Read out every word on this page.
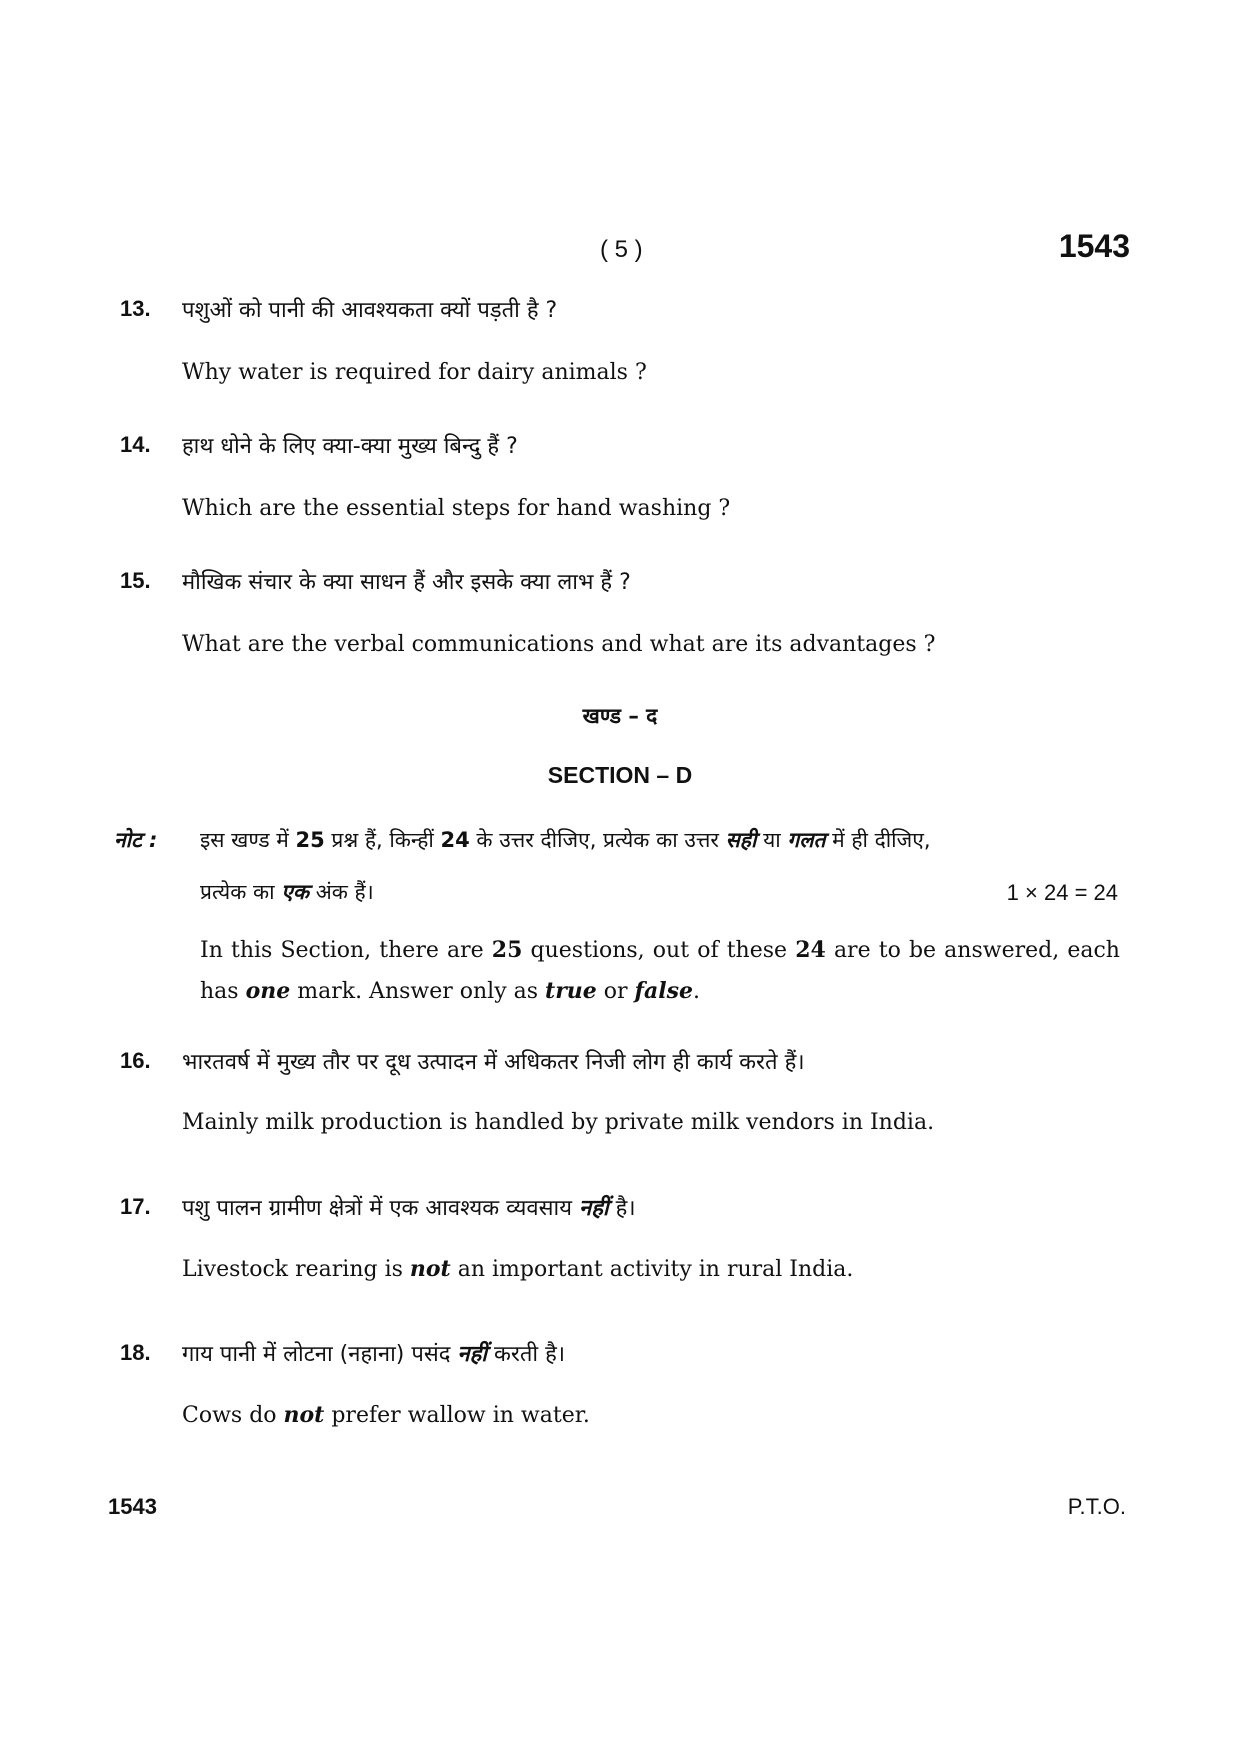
( 5 )	1543
13. पशुओं को पानी की आवश्यकता क्यों पड़ती है ?
Why water is required for dairy animals ?
14. हाथ धोने के लिए क्या-क्या मुख्य बिन्दु हैं ?
Which are the essential steps for hand washing ?
15. मौखिक संचार के क्या साधन हैं और इसके क्या लाभ हैं ?
What are the verbal communications and what are its advantages ?
खण्ड – द
SECTION – D
नोट : इस खण्ड में 25 प्रश्न हैं, किन्हीं 24 के उत्तर दीजिए, प्रत्येक का उत्तर सही या गलत में ही दीजिए,
प्रत्येक का एक अंक हैं।	1 × 24 = 24
In this Section, there are 25 questions, out of these 24 are to be answered, each has one mark. Answer only as true or false.
16. भारतवर्ष में मुख्य तौर पर दूध उत्पादन में अधिकतर निजी लोग ही कार्य करते हैं।
Mainly milk production is handled by private milk vendors in India.
17. पशु पालन ग्रामीण क्षेत्रों में एक आवश्यक व्यवसाय नहीं है।
Livestock rearing is not an important activity in rural India.
18. गाय पानी में लोटना (नहाना) पसंद नहीं करती है।
Cows do not prefer wallow in water.
1543	P.T.O.
